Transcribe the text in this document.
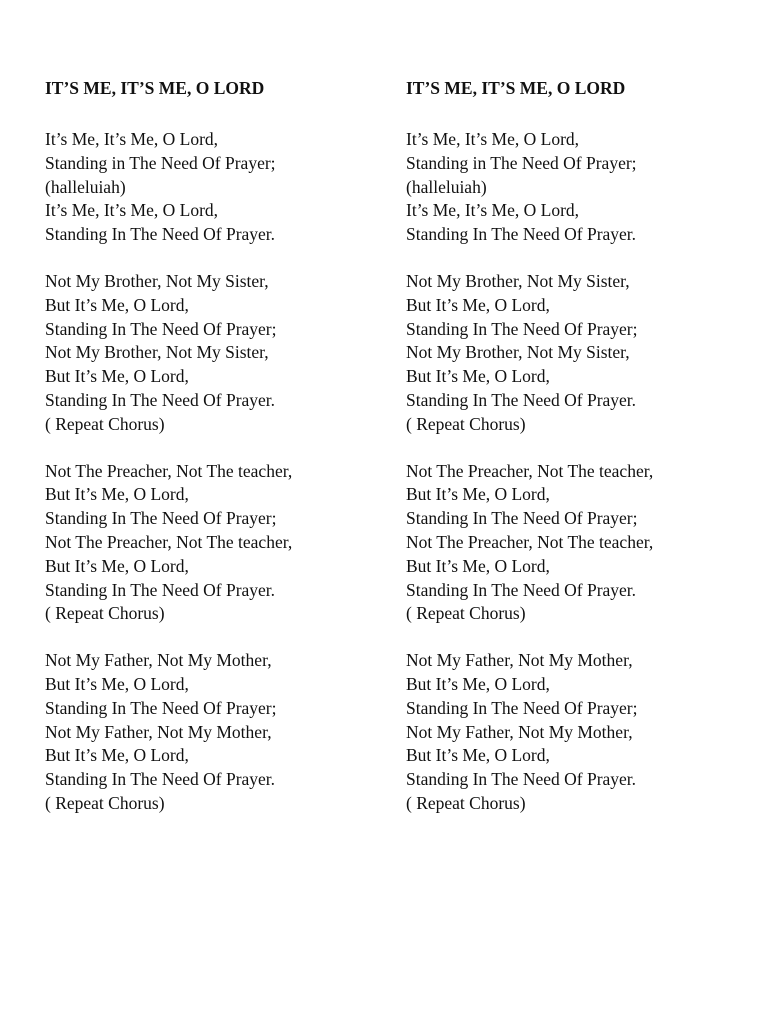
IT’S ME, IT’S ME, O LORD
It’s Me, It’s Me, O Lord,
Standing in The Need Of Prayer;
(halleluiah)
It’s Me, It’s Me, O Lord,
Standing In The Need Of Prayer.
Not My Brother, Not My Sister,
But It’s Me, O Lord,
Standing In The Need Of Prayer;
Not My Brother, Not My Sister,
But It’s Me, O Lord,
Standing In The Need Of Prayer.
( Repeat Chorus)
Not The Preacher, Not The teacher,
But It’s Me, O Lord,
Standing In The Need Of Prayer;
Not The Preacher, Not The teacher,
But It’s Me, O Lord,
Standing In The Need Of Prayer.
( Repeat Chorus)
Not My Father, Not My Mother,
But It’s Me, O Lord,
Standing In The Need Of Prayer;
Not My Father, Not My Mother,
But It’s Me, O Lord,
Standing In The Need Of Prayer.
( Repeat Chorus)
IT’S ME, IT’S ME, O LORD
It’s Me, It’s Me, O Lord,
Standing in The Need Of Prayer;
(halleluiah)
It’s Me, It’s Me, O Lord,
Standing In The Need Of Prayer.
Not My Brother, Not My Sister,
But It’s Me, O Lord,
Standing In The Need Of Prayer;
Not My Brother, Not My Sister,
But It’s Me, O Lord,
Standing In The Need Of Prayer.
( Repeat Chorus)
Not The Preacher, Not The teacher,
But It’s Me, O Lord,
Standing In The Need Of Prayer;
Not The Preacher, Not The teacher,
But It’s Me, O Lord,
Standing In The Need Of Prayer.
( Repeat Chorus)
Not My Father, Not My Mother,
But It’s Me, O Lord,
Standing In The Need Of Prayer;
Not My Father, Not My Mother,
But It’s Me, O Lord,
Standing In The Need Of Prayer.
( Repeat Chorus)
